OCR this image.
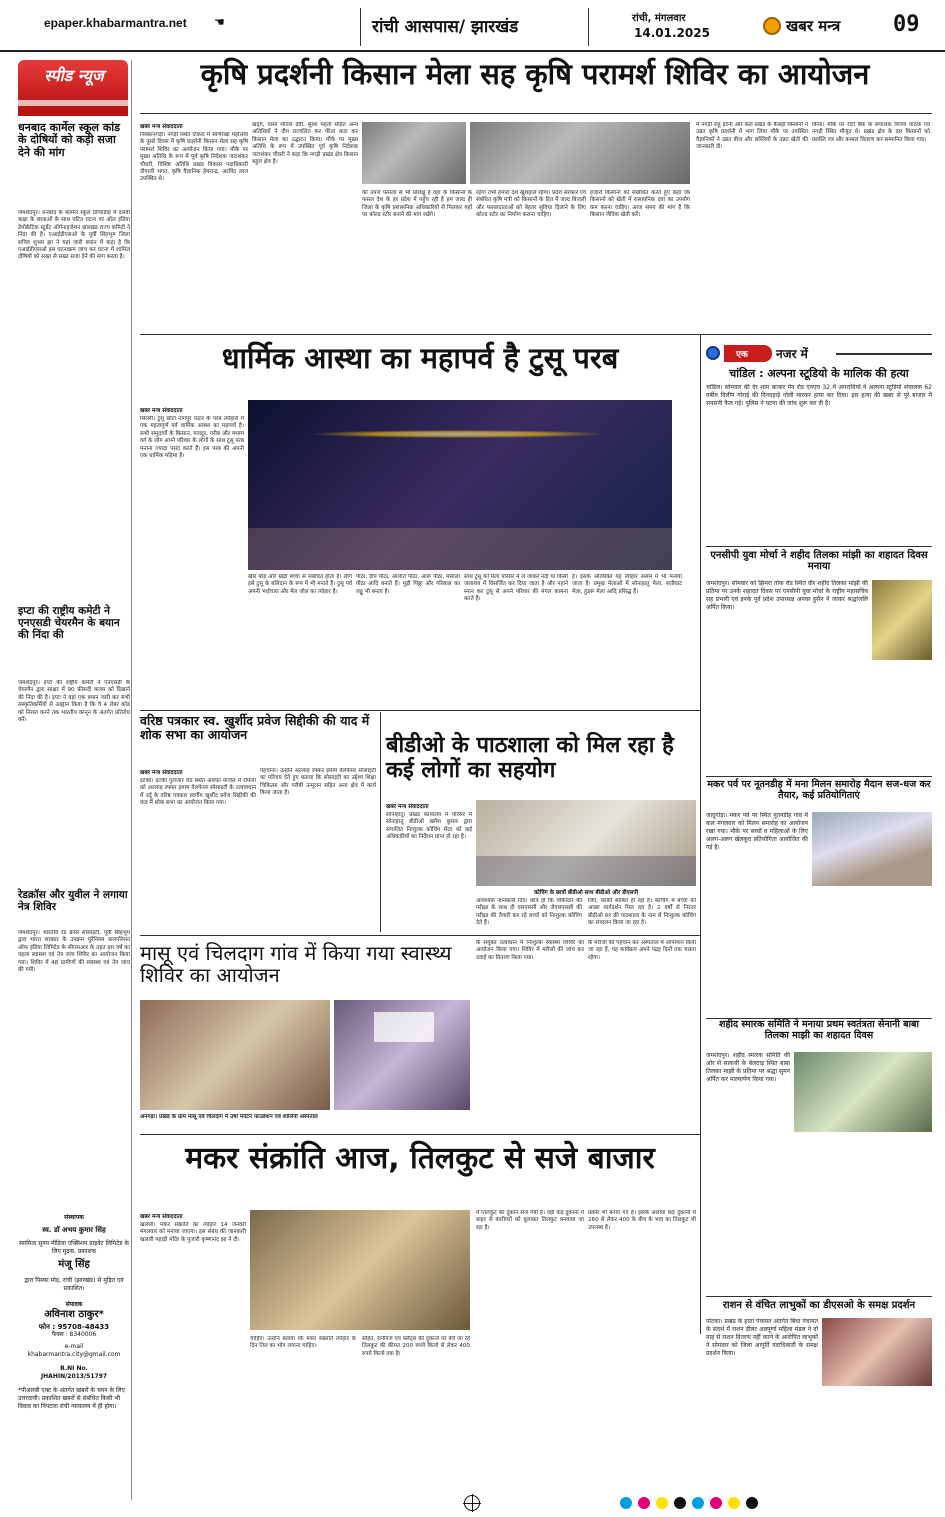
epaper.khabarmantra.net ☚	रांची आसपास/ झारखंड	रांची, मंगलवार
14.01.2025	खबर मन्त्र 09
स्पीड न्यूज
धनबाद कार्मेल स्कूल कांड के दोषियों को कड़ी सजा देने की मांग
जमशेदपुर। धनबाद के कार्मेल स्कूल डिग्वाडीह में दसवीं कक्षा के छात्राओं के साथ घटित घटना पर ऑल इंडिया डेमोक्रेटिक स्टूडेंट ऑर्गनाइजेशन झारखंड राज्य कमिटी ने निंदा की है। एआईडीएसओ के पूर्वी सिंहभूम जिला सचिव शुभम झा ने यहां जारी बयान में कहा है कि एआईडीएसओ इस घटनाक्रम जांच कर घटना में शामिल दोषियों को सख्त से सख्त सजा देने की मांग करता है।
इप्टा की राष्ट्रीय कमेटी ने एनएसडी चेयरमैन के बयान की निंदा की
जमशेदपुर। इप्टा की राष्ट्रीय कमेटी ने एनएसडी के चेयरमैन द्वारा साक्षर में 90 फ़ीसदी कलम को दिखाने की निंदा की है। इप्टा ने यहां एक बयान जारी कर सभी संस्कृतिकर्मियों से आह्वान किया है कि वे 4 लेबर कोड को निरस्त करने तक भारतीय कानून के अंतर्गत प्रतिरोध करें।
रेडक्रॉस और युवील ने लगाया नेत्र शिविर
जमशेदपुर। भारतीय रेड क्रॉस सोसाइटी, पूर्वी सिंहभूम द्वारा भारत सरकार के उपक्रम यूरेनियम कारपोरेशन ऑफ इंडिया लिमिटेड के सीएसआर के तहत इस वर्ष का पहला स्वास्थ्य एवं नेत्र जांच शिविर का आयोजन किया गया। शिविर में 48 ग्रामीणों की स्वास्थ्य एवं नेत्र जांच की गयी।
संस्थापक
स्व. डॉ अभय कुमार सिंह
स्वामित्व सुनय मीडिया एक्सिशन प्राइवेट लिमिटेड के लिए मुद्रक, प्रकाशक
मंजू सिंह
द्वारा पिस्का मोड़, रांची (झारखंड) से मुद्रित एवं प्रकाशित।
संपादक
अविनाश ठाकुर*
फोन : 95708-48433
फैक्स : 8340006
e-mail
khabarmantra.city@gmail.com
R.NI No.
JHAHIN/2013/51797
*पीआरबी एक्ट के अंतर्गत खबरों के चयन के लिए उत्तरदायी। प्रकाशित खबरों से संबंधित किसी भी विवाद का निपटारा रांची न्यायालय में ही होगा।
कृषि प्रदर्शनी किसान मेला सह कृषि परामर्श शिविर का आयोजन
खबर मन्त्र संवाददाता
पिस्कानगड़ी। नगड़ी स्थित टिकरा में स्वर्णरेखा महोत्सव के दूसरे दिवस में कृषि प्रदर्शनी किसान मेला सह कृषि परामर्श शिविर का आयोजन किया गया। मौके पर मुख्य अतिथि के रूप में पूर्व कृषि निदेशक जटाशंकर चौधरी, विशिष्ट अतिथि प्रखंड विकास पदाधिकारी दीपाली भगत, कृषि वैज्ञानिक हेमचन्द्र, अरविंद लाल उपस्थित थे।
खड्ग, पासा शीतल देवी, सुरेश महतो सहित अन्य अतिथियों ने दीप प्रज्वलित कर फीता काट कर किसान मेला का उद्घाटन किया। मौके पर मुख्य अतिथि के रूप में उपस्थित पूर्व कृषि निदेशक जटाशंकर चौधरी ने कहा कि नगड़ी प्रखंड क्षेत्र किसान बहुल क्षेत्र है।
की उपज फसलों से भी प्रशिक्षु है वहां के किसानों के फसल देश के हर प्रदेश में पहुँच रही है हम जल्द ही जिला के कृषि प्रशासनिक अधिकारियों से मिलकर यहाँ पर कोल्ड स्टोर बनाने की मांग रखेंगे।
रहेगा तभी हमारा देश खुशहाल रहेगा। प्रदेश सरकार एवं संबंधित कृषि मंत्री को किसानों के हित में जल्द बिजली और फसलदाताओं को बेहतर सुविधा दिलाने के लिए कोल्ड स्टोर का निर्माण कराना चाहिए।
हजारों किसानों को संबोधित करते हुए कहा कि किसानों को खेती में रासायनिक दवा का उपयोग कम करना चाहिए। आज समय की मांग है कि किसान जैविक खेती करें।
में नगड़ी राहू इंटर्नी और कर्रा प्रखंड के कैबड़ी किसानों ने उन्नत कृषि प्रदर्शनी में भाग लिया मौके पर उपस्थित वैज्ञानिकों ने उन्नत बीज और सब्जियों के उन्नत खेती की जानकारी दी।
किया। मौके पर रोटी बैंक के संचालक विजय पाठक एवं नगड़ी स्थित मौजूद थे। प्रखंड क्षेत्र के दस किसानों को प्रशस्ति पत्र और कम्बल वितरण कर सम्मानित किया गया।
धार्मिक आस्था का महापर्व है टुसू परब
खबर मन्त्र संवाददाता
सिल्ली। टुसू छोटा नागपुर पठार के परब त्योहारों में एक महत्वपूर्ण पर्व धार्मिक आस्था का महापर्व है। सभी समुदायों के किसान, मजदूर, गरीब और मध्यम वर्ग के लोग अपने परिवार के लोगों के साथ टुसू परब मनाना ज्यादा पसंद करते हैं। इस परब की अपनी एक धार्मिक महिमा है।
खीर बड़ि और खड़ी बच्चा से संबंधित होता है। लोग इसे टुसू के बलिदान के रूप में भी मनाते हैं। टुसू पर्व अपनी भाईचारा और मेल जोल का त्योहार है।
पीठा, डीप पीठा, आलति पीठा, आरू पीठा, मसाला पीठा आदि बनाते हैं। मुड़ी पिठ्ठा और गरिबाल का लड्डू भी बनता है।
साथ टुसू को मेला परिसर में ले जाकर नदी या किसी जलाशय में विसर्जित कर दिया जाता है और नहाने स्नान कर टुसू से अपने परिवार की मंगल कामना करते हैं।
है। इसके अतिरिक्त यह त्योहार असम में भी मनाया जाता है। प्रमुख मेलाओं में सोनाहातू मेला, सतीघाट मेला, हुंडरू मेला आदि प्रसिद्ध हैं।
वरिष्ठ पत्रकार स्व. खुर्शीद प्रवेज सिद्दीकी की याद में शोक सभा का आयोजन
खबर मन्त्र संवाददाता
इटकी। इटकी गुलजार रोड स्थित आरफा मंजिल में रफिया को अल्लाह रफ्फर इमाम वेलफेयर सोसाइटी के तत्वावधान में उर्दू के वरिष्ठ पत्रकार स्वर्गीय खुर्शीद प्रवेज सिद्दीकी की याद में शोक सभा का आयोजन किया गया।
पहचाना। उन्होंने अल्लाह रफ्फर इमाम वेलफेयर सोसाइटी का परिचय देते हुए बताया कि सोसाइटी का उद्देश्य शिक्षा चिकित्सा और गरीबी उन्मूलन सहित अन्य क्षेत्र में कार्य किया जाता है।
बीडीओ के पाठशाला को मिल रहा है कई लोगों का सहयोग
कोचिंग के छात्रों बीडीओ साथ बीडीओ और डीएसपी
खबर मन्त्र संवाददाता
सोनाहातू। प्रखंड कार्यालय में परिसर में सोनाहातू बीडीओ खगेश कुमार द्वारा संचालित निःशुल्क कोचिंग सेंटर को कई अधिकारियों का निर्देशन प्राप्त हो रहा है।
आवश्यक जानकारी दिए। छात्र हो कि चौकीदार की परीक्षा के साथ ही एसएससी और जेएसएससी की परीक्षा की तैयारी कर रहे बच्चों को निःशुल्क कोचिंग देते हैं।
लिए, काफ़ी साबित हो रहा है। कोचिंग में बच्चों को अच्छा मार्गदर्शन मिल रहा है। 2 वर्षों से निरंतर बीडीओ सर की पाठशाला के नाम से निःशुल्क कोचिंग का संचालन किया जा रहा है।
मासू एवं चिलदाग गांव में किया गया स्वास्थ्य शिविर का आयोजन
अनगड़ा। प्रखंड के ग्राम मासू एवं चिलदाग में उषा मार्टिन फाउंडेशन एवं शालिनी अस्पताल
के संयुक्त तत्वाधान में निःशुल्क स्वास्थ्य शिविर का आयोजन किया गया। शिविर में मरीजों की जांच कर दवाई का वितरण किया गया।
के मरीजों की पहचान कर अस्पताल में ऑपरेशन किया जा रहा है, यह कार्यक्रम अपने पंद्रह दिनों तक चलता रहेगा।
मकर संक्रांति आज, तिलकुट से सजे बाजार
खबर मन्त्र संवाददाता
खलारी। मकर संक्रांति का त्योहार 14 जनवरी मंगलवार को मनाया जाएगा। इस संबंध की जानकारी खलारी पहाड़ी मंदिर के पुजारी कृष्णानंद झा ने दी।
चाहिए। उन्होंने बताया कि मकर संक्रांति त्योहार के दिन तिल का भोग लगाना चाहिए।
सहित, रानीगंज एवं फ्लैट्स की दुकानों पर बेचे जा रहे तिलकुट की कीमत 200 रुपये किलो से लेकर 400 रुपये किलो तक है।
में तिलकुट की दुकानें सज गयी हैं। वहीं कई दुकानों में बाहर से कारीगरों को बुलाकर तिलकुट बनवाया जा रहा है।
प्रकार भी बनाए गए हैं। इसके अलावा कई दुकानों में 260 से लेकर 400 के बीच के भाव का तिलकुट भी उपलब्ध है।
एक नजर में
चांडिल : अल्पना स्टूडियो के मालिक की हत्या
चांडिल। सोमवार की देर शाम बाजार मेन रोड एनएच 32 में अपराधियों ने अल्पना स्टूडियो संचालक 62 वर्षीय दिलीप गोराई की दिनदहाड़े गोली मारकर हत्या कर दिया। इस हत्या की खबर से पूरे बाजार में सनसनी फैल गई। पुलिस ने घटना की जांच शुरू कर दी है।
एनसीपी युवा मोर्चा ने शहीद तिलका मांझी का शहादत दिवस मनाया
जमशेदपुर। सोमवार को झिमरा तोक रोड स्थित वीर शहीद तिलका मांझी की प्रतिमा पर उनके शहादत दिवस पर एनसीपी युवा मोर्चा के राष्ट्रीय महासचिव सह प्रभारी एवं इनके पूर्व प्रदेश उपाध्यक्ष अनवर हुसैन ने जाकर श्रद्धांजलि अर्पित किया।
मकर पर्व पर नूतनडीह में मना मिलन समारोह मैदान सज-धज कर तैयार, कई प्रतियोगिताएं
जादूगोड़ा। मकर पर्व पर स्थित नूतनडीह गांव में कल मंगलवार को मिलन समारोह का आयोजन रखा गया। मौके पर बच्चों व महिलाओं के लिए अलग-अलग खेलकूद प्रतियोगिता आयोजित की गई है।
शहीद स्मारक समिति ने मनाया प्रथम स्वतंत्रता सेनानी बाबा तिलका माझी का शहादत दिवस
जमशेदपुर। शहीद स्मारक समिति की ओर से साकची के बेलदाड़ स्थित बाबा तिलका माझी के प्रतिमा पर श्रद्धा सुमन अर्पित कर माल्यार्पण किया गया।
राशन से वंचित लाभुकों का डीएसओ के समक्ष प्रदर्शन
पोटका। प्रखंड के हाता पंचायत अंतर्गत बिंधा पंचायत के संदर्भ में राशन डीलर अन्नपूर्णा महिला मंडल ने दो माह से राशन वितरण नहीं करने के आरोपित लाभुकों ने सोमवार को जिला आपूर्ति पदाधिकारी के समक्ष प्रदर्शन किया।
